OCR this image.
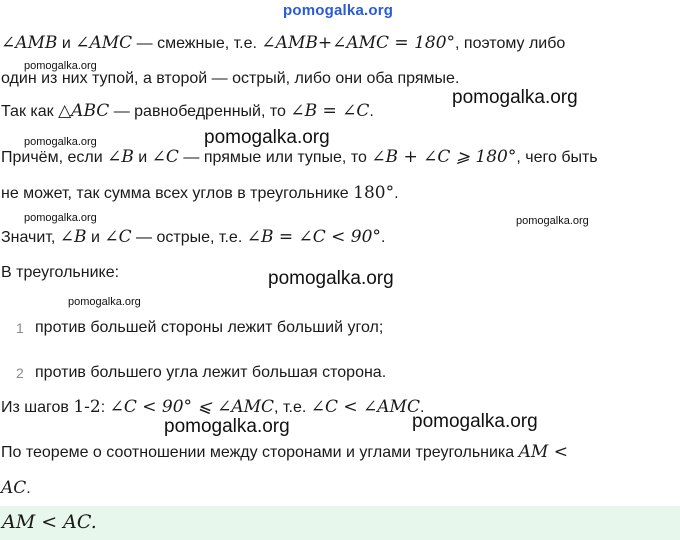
pomogalka.org
∠AMB и ∠AMC — смежные, т.е. ∠AMB+∠AMC = 180°, поэтому либо
pomogalka.org
один из них тупой, а второй — острый, либо они оба прямые.
pomogalka.org
Так как △ABC — равнобедренный, то ∠B = ∠C.
pomogalka.org	pomogalka.org
Причём, если ∠B и ∠C — прямые или тупые, то ∠B + ∠C ⩾ 180°, чего быть
не может, так сумма всех углов в треугольнике 180°.
pomogalka.org	pomogalka.org
Значит, ∠B и ∠C — острые, т.е. ∠B = ∠C < 90°.
В треугольнике:	pomogalka.org
pomogalka.org
1 против большей стороны лежит больший угол;
2 против большего угла лежит большая сторона.
Из шагов 1-2: ∠C < 90° ⩽ ∠AMC, т.е. ∠C < ∠AMC.
pomogalka.org	pomogalka.org
По теореме о соотношении между сторонами и углами треугольника AM <
AC.
AM < AC.
